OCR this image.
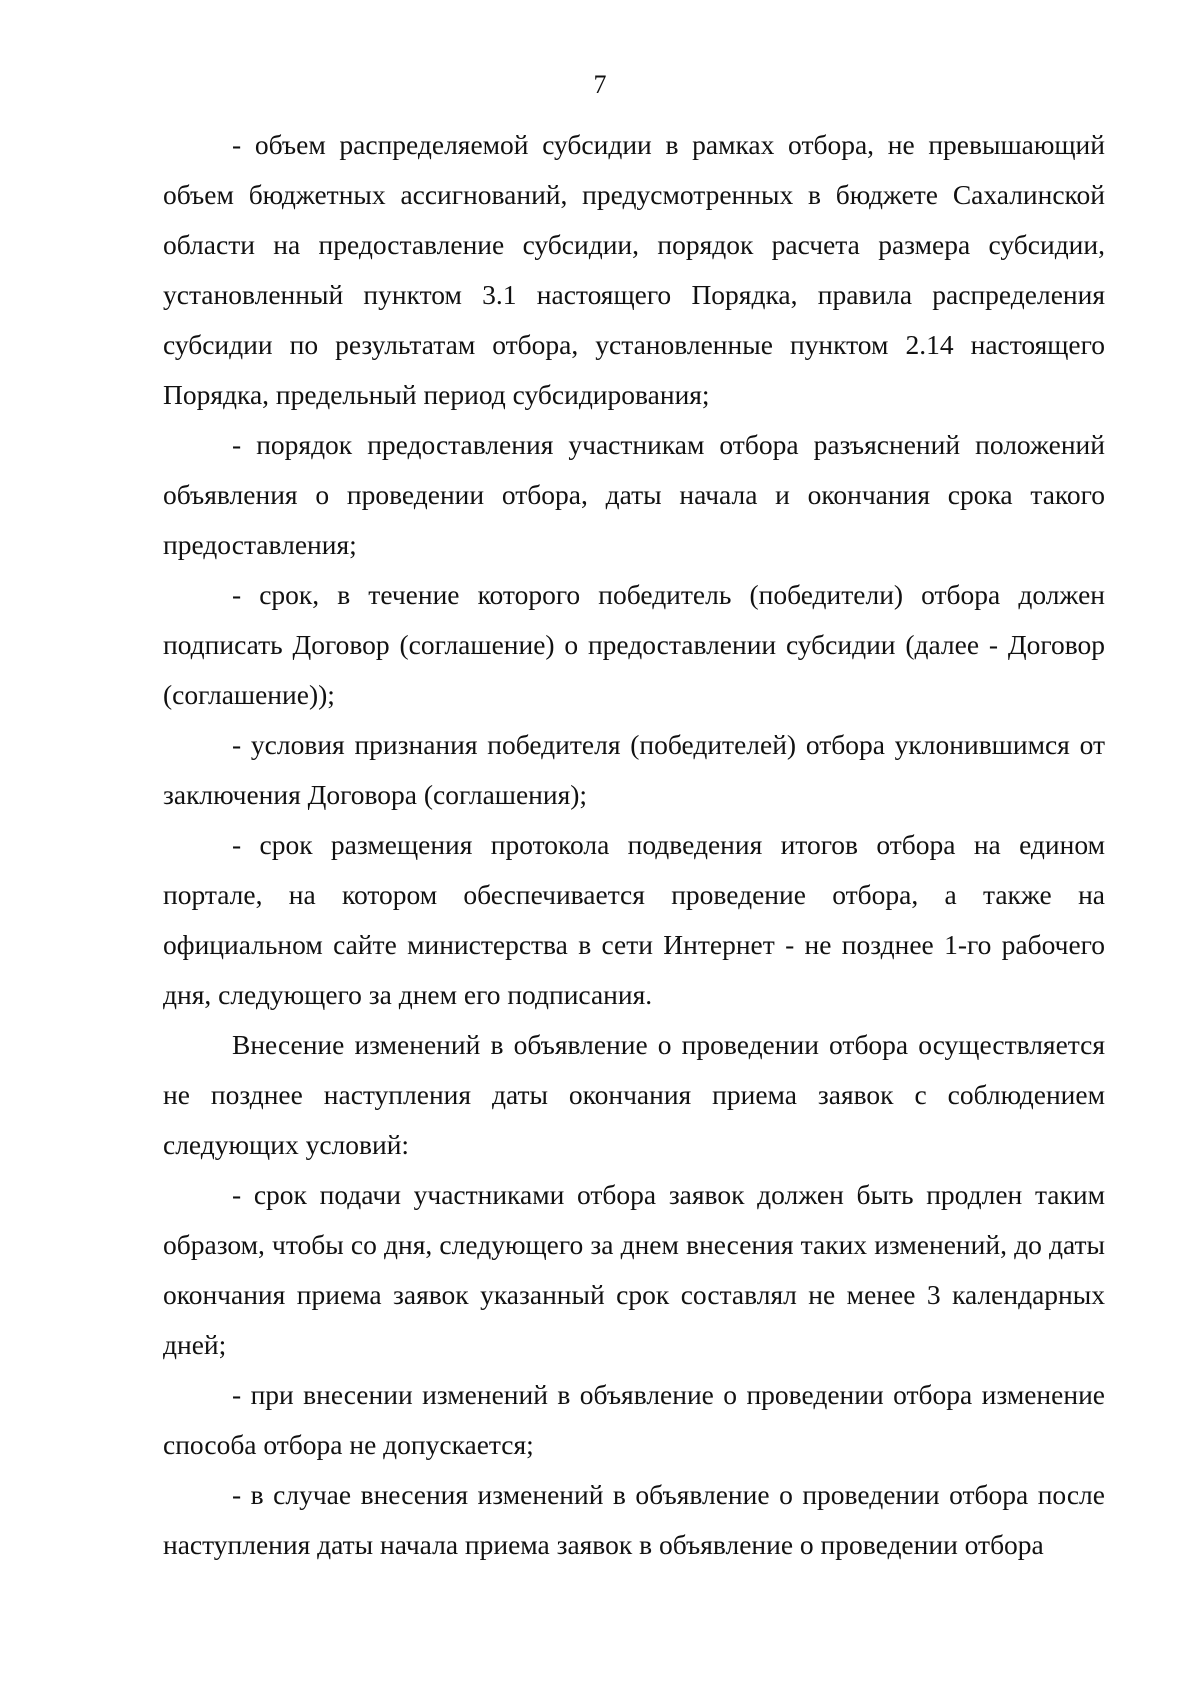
7

- объем распределяемой субсидии в рамках отбора, не превышающий объем бюджетных ассигнований, предусмотренных в бюджете Сахалинской области на предоставление субсидии, порядок расчета размера субсидии, установленный пунктом 3.1 настоящего Порядка, правила распределения субсидии по результатам отбора, установленные пунктом 2.14 настоящего Порядка, предельный период субсидирования;

- порядок предоставления участникам отбора разъяснений положений объявления о проведении отбора, даты начала и окончания срока такого предоставления;

- срок, в течение которого победитель (победители) отбора должен подписать Договор (соглашение) о предоставлении субсидии (далее - Договор (соглашение));

- условия признания победителя (победителей) отбора уклонившимся от заключения Договора (соглашения);

- срок размещения протокола подведения итогов отбора на едином портале, на котором обеспечивается проведение отбора, а также на официальном сайте министерства в сети Интернет - не позднее 1-го рабочего дня, следующего за днем его подписания.

Внесение изменений в объявление о проведении отбора осуществляется не позднее наступления даты окончания приема заявок с соблюдением следующих условий:

- срок подачи участниками отбора заявок должен быть продлен таким образом, чтобы со дня, следующего за днем внесения таких изменений, до даты окончания приема заявок указанный срок составлял не менее 3 календарных дней;

- при внесении изменений в объявление о проведении отбора изменение способа отбора не допускается;

- в случае внесения изменений в объявление о проведении отбора после наступления даты начала приема заявок в объявление о проведении отбора
